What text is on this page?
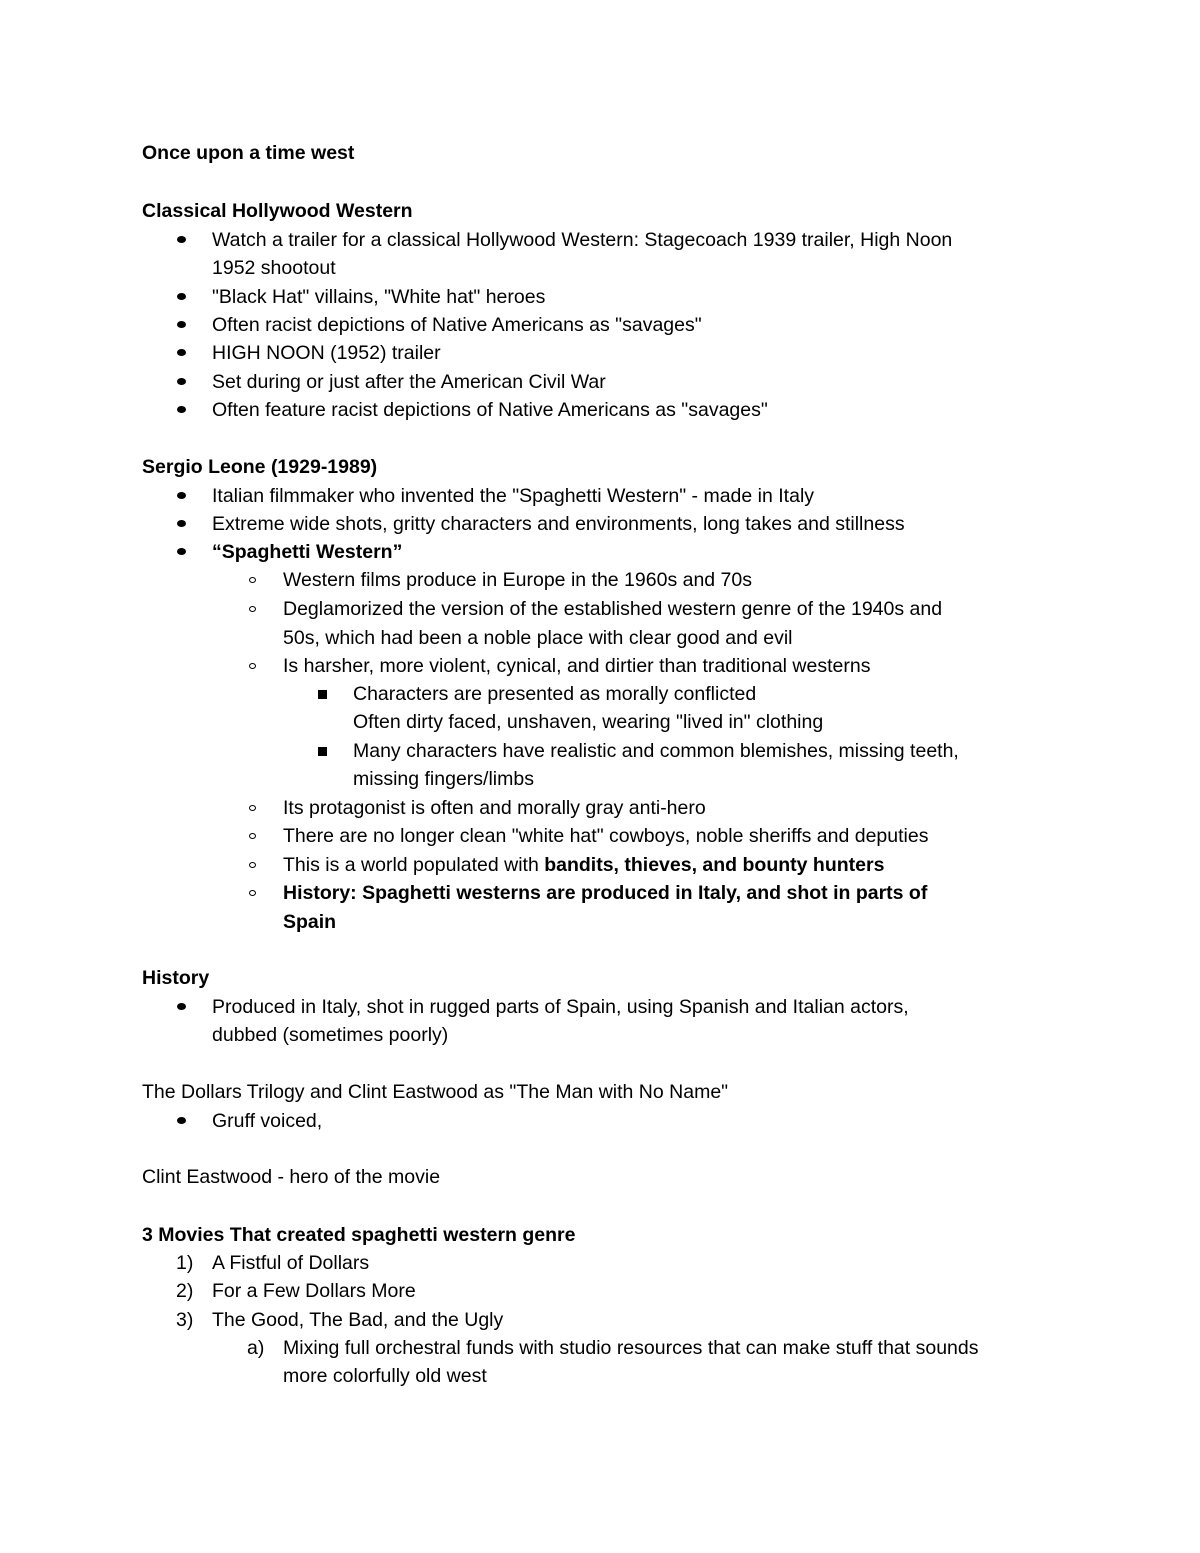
Once upon a time west
Classical Hollywood Western
Watch a trailer for a classical Hollywood Western: Stagecoach 1939 trailer, High Noon
1952 shootout
"Black Hat" villains, "White hat" heroes
Often racist depictions of Native Americans as "savages"
HIGH NOON (1952) trailer
Set during or just after the American Civil War
Often feature racist depictions of Native Americans as "savages"
Sergio Leone (1929-1989)
Italian filmmaker who invented the "Spaghetti Western" - made in Italy
Extreme wide shots, gritty characters and environments, long takes and stillness
“Spaghetti Western”
Western films produce in Europe in the 1960s and 70s
Deglamorized the version of the established western genre of the 1940s and
50s, which had been a noble place with clear good and evil
Is harsher, more violent, cynical, and dirtier than traditional westerns
Characters are presented as morally conflicted
Often dirty faced, unshaven, wearing "lived in" clothing
Many characters have realistic and common blemishes, missing teeth,
missing fingers/limbs
Its protagonist is often and morally gray anti-hero
There are no longer clean "white hat" cowboys, noble sheriffs and deputies
This is a world populated with bandits, thieves, and bounty hunters
History: Spaghetti westerns are produced in Italy, and shot in parts of
Spain
History
Produced in Italy, shot in rugged parts of Spain, using Spanish and Italian actors,
dubbed (sometimes poorly)
The Dollars Trilogy and Clint Eastwood as "The Man with No Name"
Gruff voiced,
Clint Eastwood - hero of the movie
3 Movies That created spaghetti western genre
1) A Fistful of Dollars
2) For a Few Dollars More
3) The Good, The Bad, and the Ugly
a) Mixing full orchestral funds with studio resources that can make stuff that sounds
more colorfully old west
